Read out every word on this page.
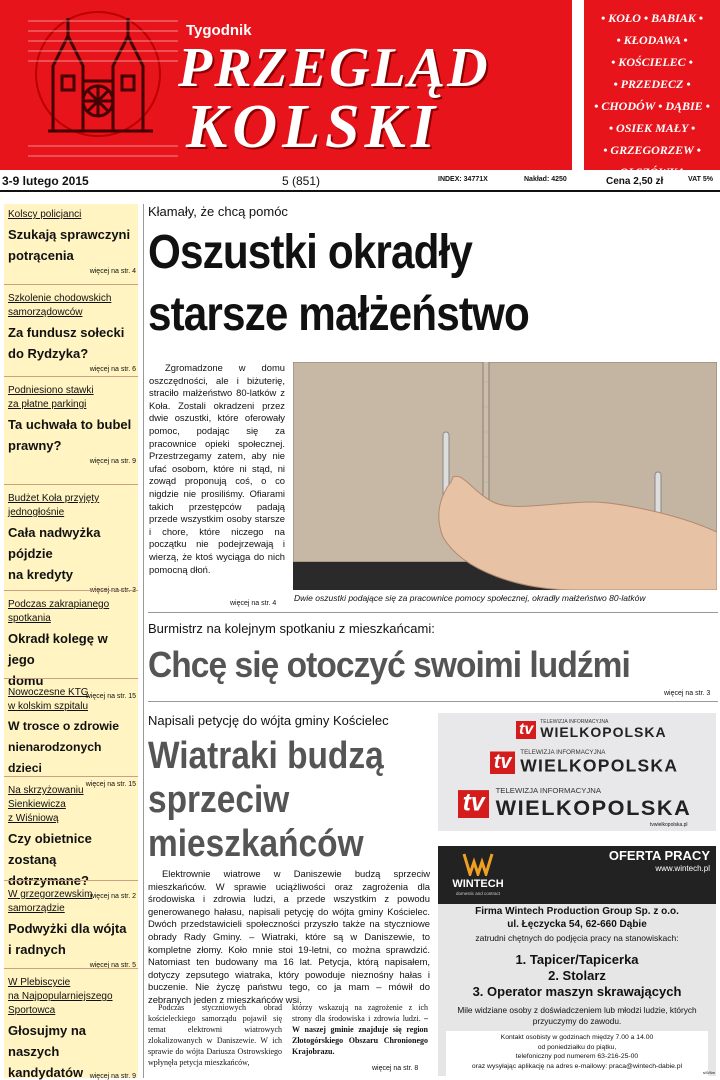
Tygodnik
PRZEGLĄD
KOLSKI
• KOŁO • BABIAK •
• KŁODAWA •
• KOŚCIELEC •
• PRZEDECZ •
• CHODÓW • DĄBIE •
• OSIEK MAŁY •
• GRZEGORZEW •
• OLSZÓWKA •
3-9 lutego 2015	5 (851)	INDEX: 34771X	Nakład: 4250	Cena 2,50 zł	VAT 5%
Kolscy policjanci
Szukają sprawczyni
potrącenia
więcej na str. 4
Szkolenie chodowskich
samorządowców
Za fundusz sołecki
do Rydzyka?
więcej na str. 6
Podniesiono stawki
za płatne parkingi
Ta uchwała to bubel
prawny?
więcej na str. 9
Budżet Koła przyjęty
jednogłośnie
Cała nadwyżka pójdzie
na kredyty
więcej na str. 3
Podczas zakrapianego spotkania
Okradł kolegę w jego
domu
więcej na str. 15
Nowoczesne KTG
w kolskim szpitalu
W trosce o zdrowie
nienarodzonych dzieci
więcej na str. 15
Na skrzyżowaniu Sienkiewicza
z Wiśniową
Czy obietnice zostaną
dotrzymane?
więcej na str. 2
W grzegorzewskim samorządzie
Podwyżki dla wójta
i radnych
więcej na str. 5
W Plebiscycie
na Najpopularniejszego
Sportowca
Głosujmy na naszych
kandydatów więcej na str. 9
Kłamały, że chcą pomóc
Oszustki okradły
starsze małżeństwo
Zgromadzone w domu oszczędności, ale i biżuterię, straciło małżeństwo 80-latków z Koła. Zostali okradzeni przez dwie oszustki, które oferowały pomoc, podając się za pracownice opieki społecznej. Przestrzegamy zatem, aby nie ufać osobom, które ni stąd, ni zowąd proponują coś, o co nigdzie nie prosiliśmy. Ofiarami takich przestępców padają przede wszystkim osoby starsze i chore, które niczego na początku nie podejrzewają i wierzą, że ktoś wyciąga do nich pomocną dłoń.
więcej na str. 4
Dwie oszustki podające się za pracownice pomocy społecznej, okradły małżeństwo 80-latków
Burmistrz na kolejnym spotkaniu z mieszkańcami:
Chcę się otoczyć swoimi ludźmi
więcej na str. 3
Napisali petycję do wójta gminy Kościelec
Wiatraki budzą
sprzeciw
mieszkańców
Elektrownie wiatrowe w Daniszewie budzą sprzeciw mieszkańców. W sprawie uciążliwości oraz zagrożenia dla środowiska i zdrowia ludzi, a przede wszystkim z powodu generowanego hałasu, napisali petycję do wójta gminy Kościelec. Dwóch przedstawicieli społeczności przyszło także na styczniowe obrady Rady Gminy. – Wiatraki, które są w Daniszewie, to kompletne złomy. Koło mnie stoi 19-letni, co można sprawdzić. Natomiast ten budowany ma 16 lat. Petycja, którą napisałem, dotyczy zepsutego wiatraka, który powoduje nieznośny hałas i buczenie. Nie życzę państwu tego, co ja mam – mówił do zebranych jeden z mieszkańców wsi.
Podczas styczniowych obrad kościeleckiego samorządu pojawił się temat elektrowni wiatrowych zlokalizowanych w Daniszewie. W ich sprawie do wójta Dariusza Ostrowskiego wpłynęła petycja mieszkańców,
którzy wskazują na zagrożenie z ich strony dla środowiska i zdrowia ludzi. – W naszej gminie znajduje się region Złotogórskiego Obszaru Chronionego Krajobrazu.
więcej na str. 8
tv	TELEWIZJA INFORMACYJNA
WIELKOPOLSKA
tv	TELEWIZJA INFORMACYJNA
WIELKOPOLSKA
tv	TELEWIZJA INFORMACYJNA
WIELKOPOLSKA
tvwielkopolska.pl
WINTECH
domestic and contract
OFERTA PRACY
www.wintech.pl
Firma Wintech Production Group Sp. z o.o.
ul. Łęczycka 54, 62-660 Dąbie
zatrudni chętnych do podjęcia pracy na stanowiskach:
1. Tapicer/Tapicerka
2. Stolarz
3. Operator maszyn skrawających
Mile widziane osoby z doświadczeniem lub młodzi ludzie, których przyuczymy do zawodu.
Kontakt osobisty w godzinach między 7.00 a 14.00
od poniedziałku do piątku,
telefoniczny pod numerem 63-216-25-00
oraz wysyłając aplikację na adres e-mailowy: praca@wintech-dabie.pl
s/0/6m
